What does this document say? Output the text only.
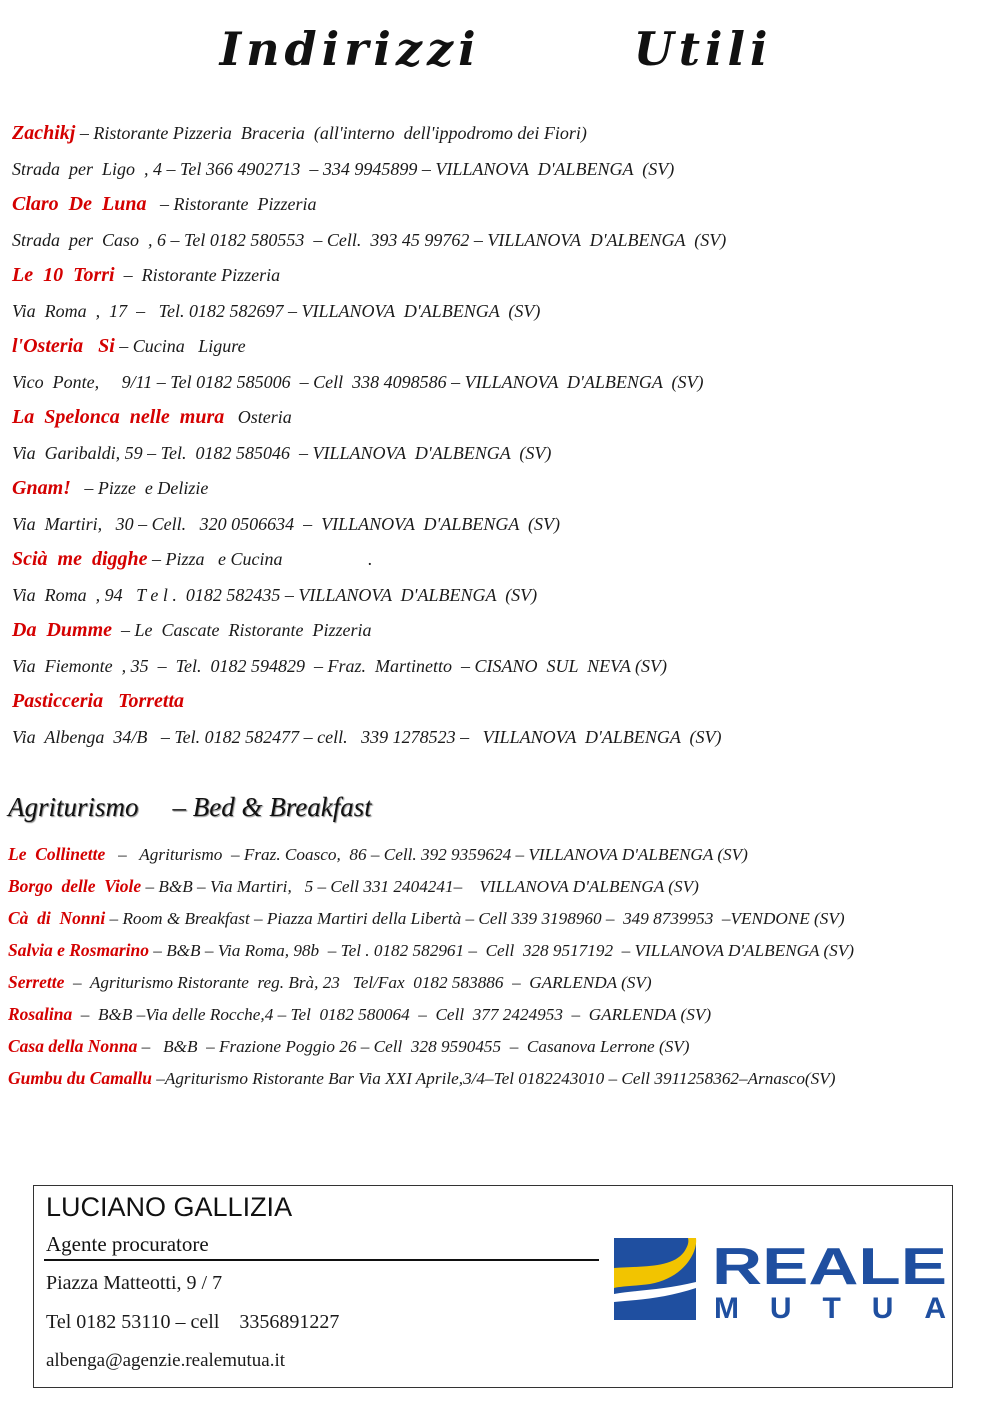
Indirizzi   Utili
Zachikj – Ristorante Pizzeria  Braceria  (all'interno  dell'ippodromo dei Fiori)
Strada  per  Ligo  , 4 – Tel 366 4902713  – 334 9945899 – VILLANOVA  D'ALBENGA  (SV)
Claro  De  Luna   – Ristorante  Pizzeria
Strada  per  Caso  , 6 – Tel 0182 580553  – Cell.  393 45 99762 – VILLANOVA  D'ALBENGA  (SV)
Le  10  Torri  –  Ristorante Pizzeria
Via  Roma  ,  17  –   Tel. 0182 582697 – VILLANOVA  D'ALBENGA  (SV)
l'Osteria   Si – Cucina   Ligure
Vico  Ponte,     9/11 – Tel 0182 585006  – Cell  338 4098586 – VILLANOVA  D'ALBENGA  (SV)
La  Spelonca  nelle  mura   Osteria
Via  Garibaldi, 59 – Tel.  0182 585046  – VILLANOVA  D'ALBENGA  (SV)
Gnam!   – Pizze  e Delizie
Via  Martiri,   30 – Cell.   320 0506634  –  VILLANOVA  D'ALBENGA  (SV)
Scià  me  digghe – Pizza   e Cucina                   .
Via  Roma  , 94   T e l .  0182 582435 – VILLANOVA  D'ALBENGA  (SV)
Da  Dumme  – Le  Cascate  Ristorante  Pizzeria
Via  Fiemonte  , 35  –  Tel.  0182 594829  – Fraz.  Martinetto  – CISANO  SUL  NEVA (SV)
Pasticceria   Torretta
Via  Albenga  34/B   – Tel. 0182 582477 – cell.   339 1278523 –   VILLANOVA  D'ALBENGA  (SV)
Agriturismo – Bed & Breakfast
Le  Collinette   –   Agriturismo  – Fraz. Coasco,  86 – Cell. 392 9359624 – VILLANOVA D'ALBENGA (SV)
Borgo  delle  Viole – B&B – Via Martiri,   5 – Cell 331 2404241–    VILLANOVA D'ALBENGA (SV)
Cà  di  Nonni – Room & Breakfast – Piazza Martiri della Libertà – Cell 339 3198960 –  349 8739953  –VENDONE (SV)
Salvia e Rosmarino – B&B – Via Roma, 98b  – Tel . 0182 582961 –  Cell  328 9517192  – VILLANOVA D'ALBENGA (SV)
Serrette  –  Agriturismo Ristorante  reg. Brà, 23   Tel/Fax  0182 583886  –  GARLENDA (SV)
Rosalina  –  B&B –Via delle Rocche,4 – Tel  0182 580064  –  Cell  377 2424953  –  GARLENDA (SV)
Casa della Nonna –   B&B  – Frazione Poggio 26 – Cell  328 9590455  –  Casanova Lerrone (SV)
Gumbu du Camallu –Agriturismo Ristorante Bar Via XXI Aprile,3/4–Tel 0182243010 – Cell 3911258362–Arnasco(SV)
LUCIANO GALLIZIA
Agente procuratore
Piazza Matteotti, 9 / 7
Tel 0182 53110 – cell    3356891227
albenga@agenzie.realemutua.it
REALE
MUTUA
